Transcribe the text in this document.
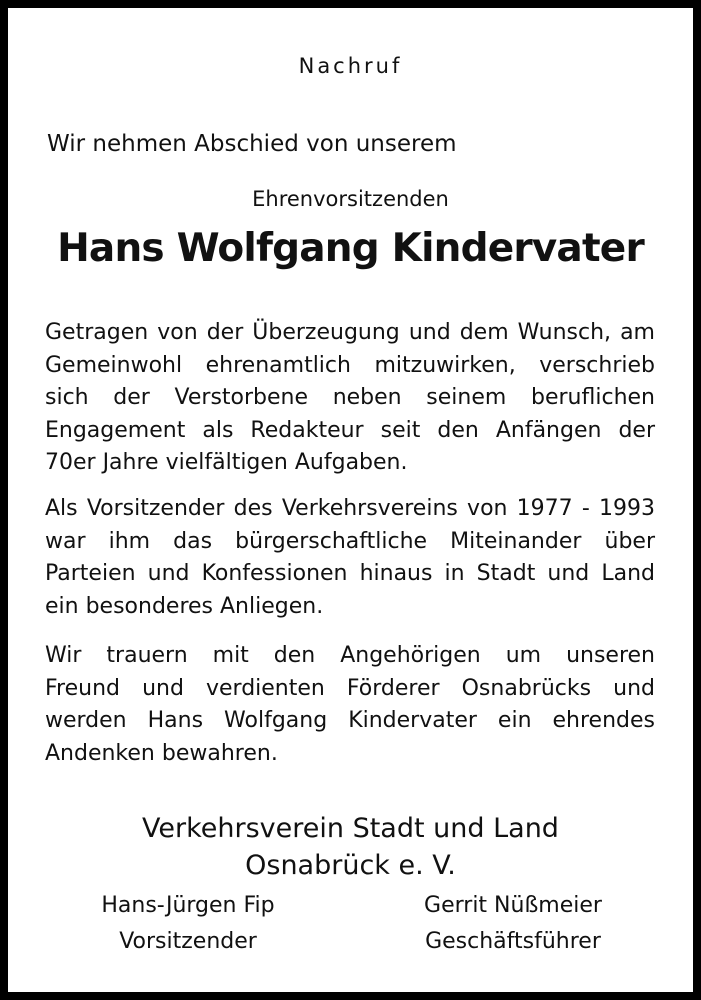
Nachruf
Wir nehmen Abschied von unserem
Ehrenvorsitzenden
Hans Wolfgang Kindervater
Getragen von der Überzeugung und dem Wunsch, am
Gemeinwohl ehrenamtlich mitzuwirken, verschrieb
sich der Verstorbene neben seinem beruflichen
Engagement als Redakteur seit den Anfängen der
70er Jahre vielfältigen Aufgaben.
Als Vorsitzender des Verkehrsvereins von 1977 - 1993
war ihm das bürgerschaftliche Miteinander über
Parteien und Konfessionen hinaus in Stadt und Land
ein besonderes Anliegen.
Wir trauern mit den Angehörigen um unseren
Freund und verdienten Förderer Osnabrücks und
werden Hans Wolfgang Kindervater ein ehrendes
Andenken bewahren.
Verkehrsverein Stadt und Land
Osnabrück e. V.
Hans-Jürgen Fip
Vorsitzender
Gerrit Nüßmeier
Geschäftsführer
